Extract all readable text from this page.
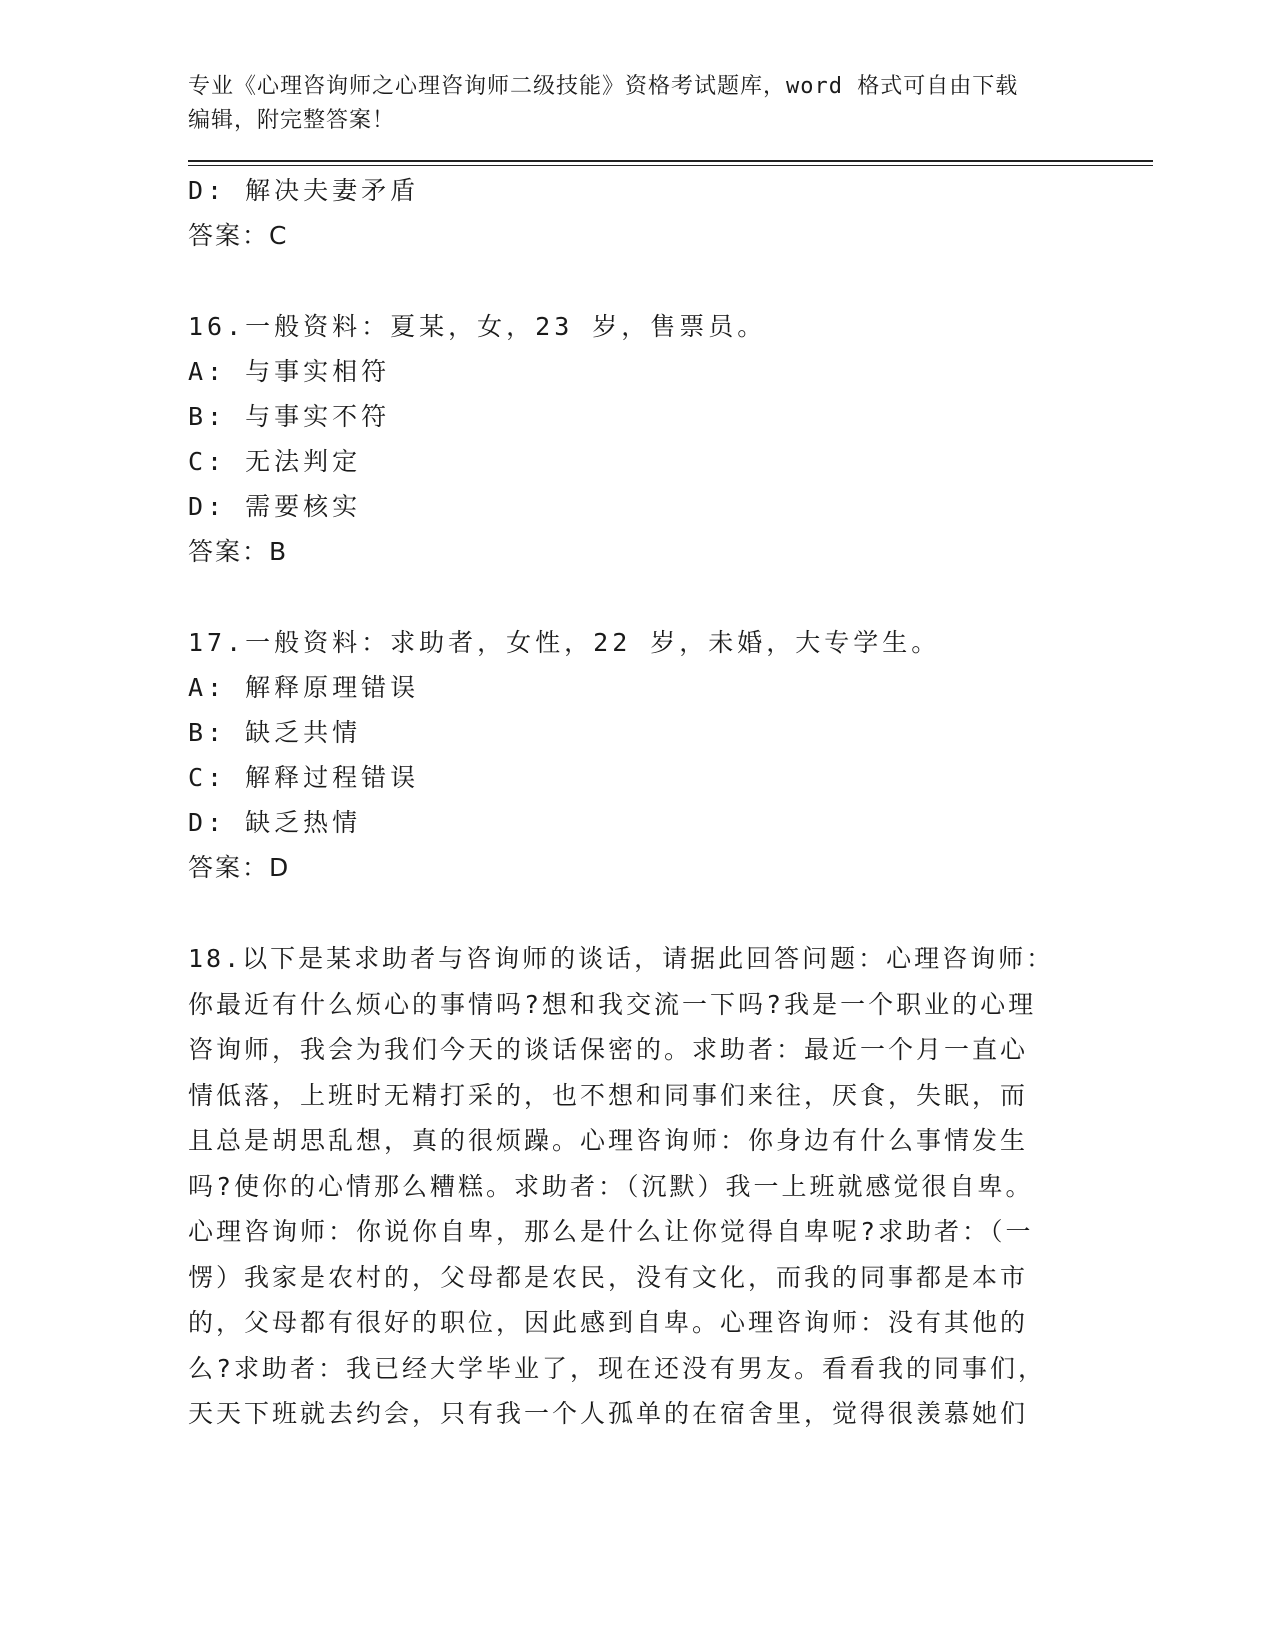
专业《心理咨询师之心理咨询师二级技能》资格考试题库，word 格式可自由下载

编辑，附完整答案！

D: 解决夫妻矛盾

答案：C

16.一般资料：夏某，女，23 岁，售票员。

A: 与事实相符

B: 与事实不符

C: 无法判定

D: 需要核实

答案：B

17.一般资料：求助者，女性，22 岁，未婚，大专学生。

A: 解释原理错误

B: 缺乏共情

C: 解释过程错误

D: 缺乏热情

答案：D

18.以下是某求助者与咨询师的谈话，请据此回答问题：心理咨询师：
你最近有什么烦心的事情吗?想和我交流一下吗?我是一个职业的心理
咨询师，我会为我们今天的谈话保密的。求助者：最近一个月一直心
情低落，上班时无精打采的，也不想和同事们来往，厌食，失眠，而
且总是胡思乱想，真的很烦躁。心理咨询师：你身边有什么事情发生
吗?使你的心情那么糟糕。求助者：（沉默）我一上班就感觉很自卑。
心理咨询师：你说你自卑，那么是什么让你觉得自卑呢?求助者：（一
愣）我家是农村的，父母都是农民，没有文化，而我的同事都是本市
的，父母都有很好的职位，因此感到自卑。心理咨询师：没有其他的
么?求助者：我已经大学毕业了，现在还没有男友。看看我的同事们，
天天下班就去约会，只有我一个人孤单的在宿舍里，觉得很羡慕她们
